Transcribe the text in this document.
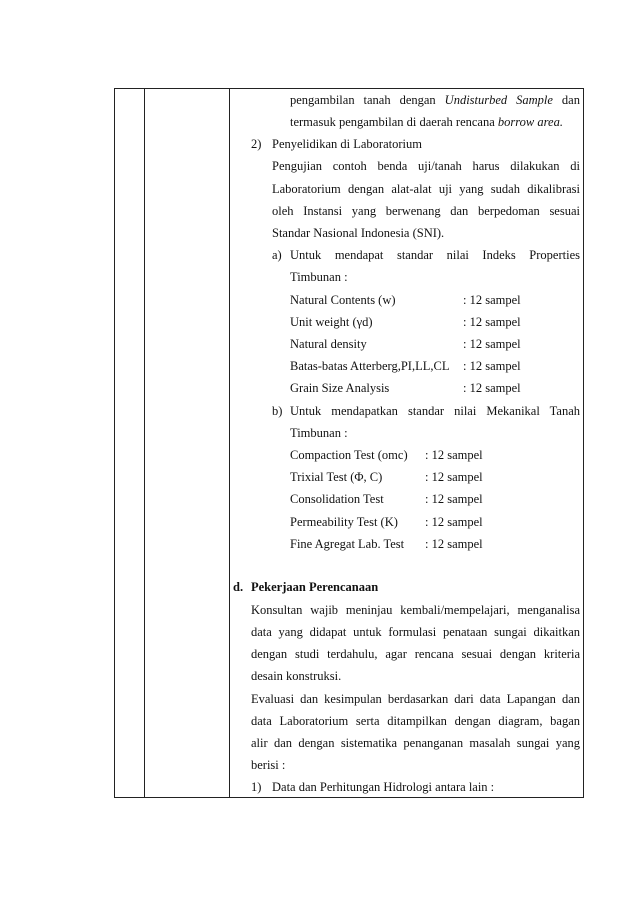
pengambilan tanah dengan Undisturbed Sample dan
termasuk pengambilan di daerah rencana borrow area.
2) Penyelidikan di Laboratorium
Pengujian contoh benda uji/tanah harus dilakukan di
Laboratorium dengan alat-alat uji yang sudah dikalibrasi
oleh Instansi yang berwenang dan berpedoman sesuai
Standar Nasional Indonesia (SNI).
a) Untuk mendapat standar nilai Indeks Properties
Timbunan :
Natural Contents (w)	: 12 sampel
Unit weight (γd)	: 12 sampel
Natural density	: 12 sampel
Batas-batas Atterberg,PI,LL,CL : 12 sampel
Grain Size Analysis	: 12 sampel
b) Untuk mendapatkan standar nilai Mekanikal Tanah
Timbunan :
Compaction Test (omc) : 12 sampel
Trixial Test (Φ, C)	: 12 sampel
Consolidation Test	: 12 sampel
Permeability Test (K) : 12 sampel
Fine Agregat Lab. Test : 12 sampel
d. Pekerjaan Perencanaan
Konsultan wajib meninjau kembali/mempelajari, menganalisa
data yang didapat untuk formulasi penataan sungai dikaitkan
dengan studi terdahulu, agar rencana sesuai dengan kriteria
desain konstruksi.
Evaluasi dan kesimpulan berdasarkan dari data Lapangan dan
data Laboratorium serta ditampilkan dengan diagram, bagan
alir dan dengan sistematika penanganan masalah sungai yang
berisi :
1) Data dan Perhitungan Hidrologi antara lain :
